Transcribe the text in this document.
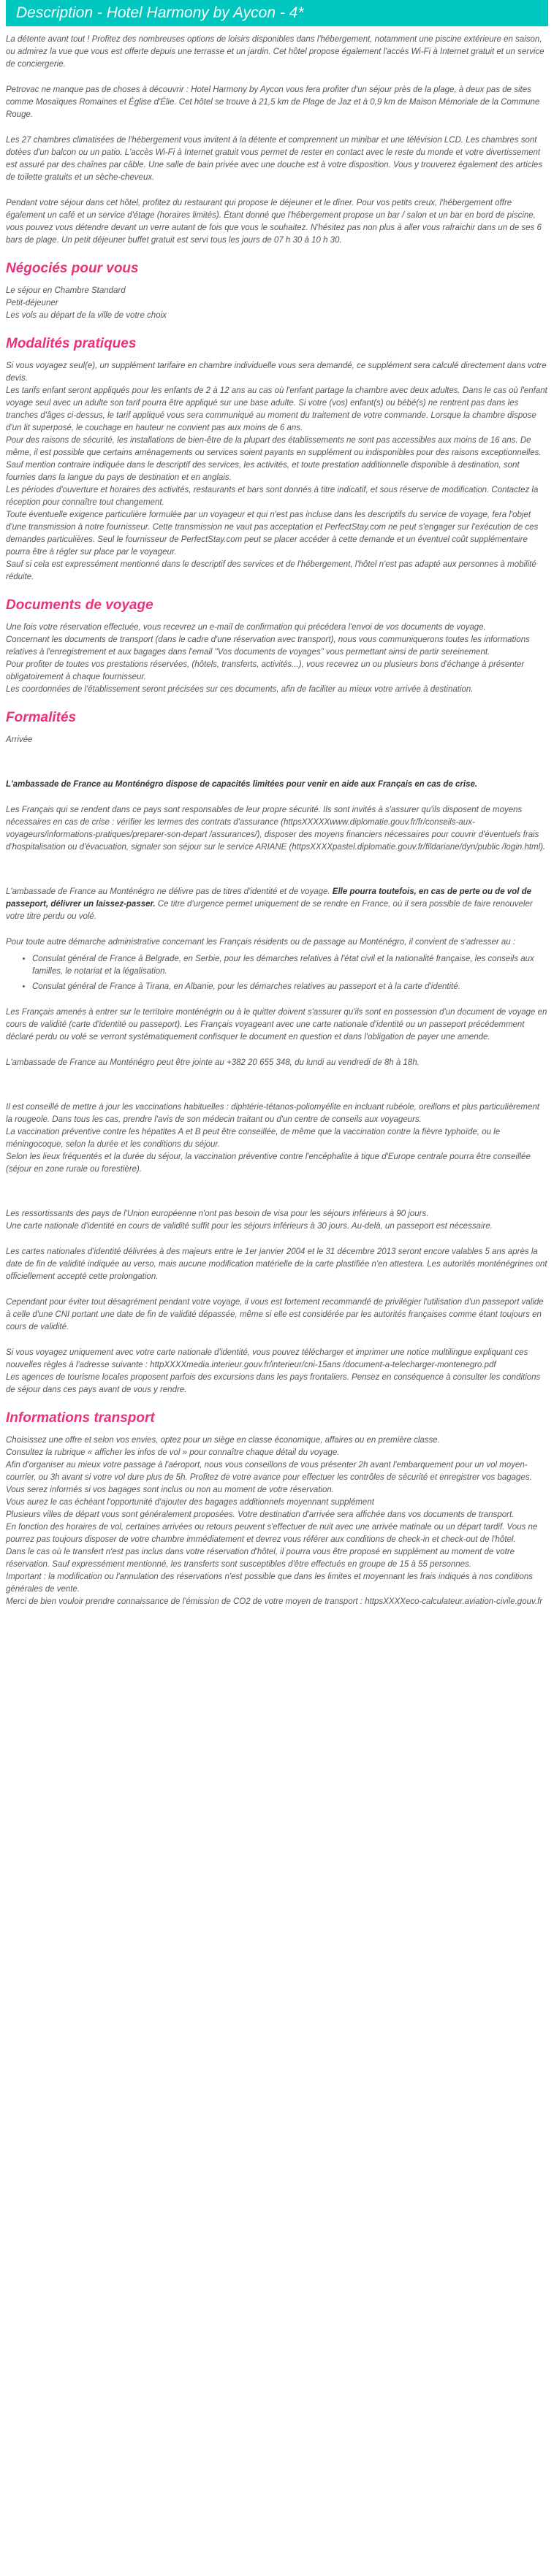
Description - Hotel Harmony by Aycon - 4*

La détente avant tout ! Profitez des nombreuses options de loisirs disponibles dans l'hébergement, notamment une piscine extérieure en saison, ou admirez la vue que vous est offerte depuis une terrasse et un jardin. Cet hôtel propose également l'accès Wi-Fi à Internet gratuit et un service de conciergerie.

Petrovac ne manque pas de choses à découvrir : Hotel Harmony by Aycon vous fera profiter d'un séjour près de la plage, à deux pas de sites comme Mosaïques Romaines et Église d'Élie. Cet hôtel se trouve à 21,5 km de Plage de Jaz et à 0,9 km de Maison Mémoriale de la Commune Rouge.

Les 27 chambres climatisées de l'hébergement vous invitent à la détente et comprennent un minibar et une télévision LCD. Les chambres sont dotées d'un balcon ou un patio. L'accès Wi-Fi à Internet gratuit vous permet de rester en contact avec le reste du monde et votre divertissement est assuré par des chaînes par câble. Une salle de bain privée avec une douche est à votre disposition. Vous y trouverez également des articles de toilette gratuits et un sèche-cheveux.

Pendant votre séjour dans cet hôtel, profitez du restaurant qui propose le déjeuner et le dîner. Pour vos petits creux, l'hébergement offre également un café et un service d'étage (horaires limités). Étant donné que l'hébergement propose un bar / salon et un bar en bord de piscine, vous pouvez vous détendre devant un verre autant de fois que vous le souhaitez. N'hésitez pas non plus à aller vous rafraichir dans un de ses 6 bars de plage. Un petit déjeuner buffet gratuit est servi tous les jours de 07 h 30 à 10 h 30.

Négociés pour vous

Le séjour en Chambre Standard

Petit-déjeuner

Les vols au départ de la ville de votre choix

Modalités pratiques

Si vous voyagez seul(e), un supplément tarifaire en chambre individuelle vous sera demandé, ce supplément sera calculé directement dans votre devis.

Les tarifs enfant seront appliqués pour les enfants de 2 à 12 ans au cas où l'enfant partage la chambre avec deux adultes. Dans le cas où l'enfant voyage seul avec un adulte son tarif pourra être appliqué sur une base adulte. Si votre (vos) enfant(s) ou bébé(s) ne rentrent pas dans les tranches d'âges ci-dessus, le tarif appliqué vous sera communiqué au moment du traitement de votre commande. Lorsque la chambre dispose d'un lit superposé, le couchage en hauteur ne convient pas aux moins de 6 ans.

Pour des raisons de sécurité, les installations de bien-être de la plupart des établissements ne sont pas accessibles aux moins de 16 ans. De même, il est possible que certains aménagements ou services soient payants en supplément ou indisponibles pour des raisons exceptionnelles.

Sauf mention contraire indiquée dans le descriptif des services, les activités, et toute prestation additionnelle disponible à destination, sont fournies dans la langue du pays de destination et en anglais.

Les périodes d'ouverture et horaires des activités, restaurants et bars sont donnés à titre indicatif, et sous réserve de modification. Contactez la réception pour connaître tout changement.

Toute éventuelle exigence particulière formulée par un voyageur et qui n'est pas incluse dans les descriptifs du service de voyage, fera l'objet d'une transmission à notre fournisseur. Cette transmission ne vaut pas acceptation et PerfectStay.com ne peut s'engager sur l'exécution de ces demandes particulières. Seul le fournisseur de PerfectStay.com peut se placer accéder à cette demande et un éventuel coût supplémentaire pourra être à régler sur place par le voyageur.

Sauf si cela est expressément mentionné dans le descriptif des services et de l'hébergement, l'hôtel n'est pas adapté aux personnes à mobilité réduite.

Documents de voyage

Une fois votre réservation effectuée, vous recevrez un e-mail de confirmation qui précédera l'envoi de vos documents de voyage.

Concernant les documents de transport (dans le cadre d'une réservation avec transport), nous vous communiquerons toutes les informations relatives à l'enregistrement et aux bagages dans l'email "Vos documents de voyages" vous permettant ainsi de partir sereinement.

Pour profiter de toutes vos prestations réservées, (hôtels, transferts, activités...), vous recevrez un ou plusieurs bons d'échange à présenter obligatoirement à chaque fournisseur.

Les coordonnées de l'établissement seront précisées sur ces documents, afin de faciliter au mieux votre arrivée à destination.

Formalités

Arrivée

L'ambassade de France au Monténégro dispose de capacités limitées pour venir en aide aux Français en cas de crise.

Les Français qui se rendent dans ce pays sont responsables de leur propre sécurité. Ils sont invités à s'assurer qu'ils disposent de moyens nécessaires en cas de crise : vérifier les termes des contrats d'assurance (httpsXXXXXwww.diplomatie.gouv.fr/fr/conseils-aux-voyageurs/informations-pratiques/preparer-son-depart /assurances/), disposer des moyens financiers nécessaires pour couvrir d'éventuels frais d'hospitalisation ou d'évacuation, signaler son séjour sur le service ARIANE (httpsXXXXpastel.diplomatie.gouv.fr/fildariane/dyn/public /login.html).

L'ambassade de France au Monténégro ne délivre pas de titres d'identité et de voyage. Elle pourra toutefois, en cas de perte ou de vol de passeport, délivrer un laissez-passer. Ce titre d'urgence permet uniquement de se rendre en France, où il sera possible de faire renouveler votre titre perdu ou volé.

Pour toute autre démarche administrative concernant les Français résidents ou de passage au Monténégro, il convient de s'adresser au :

• Consulat général de France à Belgrade, en Serbie, pour les démarches relatives à l'état civil et la nationalité française, les conseils aux familles, le notariat et la légalisation.
• Consulat général de France à Tirana, en Albanie, pour les démarches relatives au passeport et à la carte d'identité.

Les Français amenés à entrer sur le territoire monténégrin ou à le quitter doivent s'assurer qu'ils sont en possession d'un document de voyage en cours de validité (carte d'identité ou passeport). Les Français voyageant avec une carte nationale d'identité ou un passeport précédemment déclaré perdu ou volé se verront systématiquement confisquer le document en question et dans l'obligation de payer une amende.

L'ambassade de France au Monténégro peut être jointe au +382 20 655 348, du lundi au vendredi de 8h à 18h.

Il est conseillé de mettre à jour les vaccinations habituelles : diphtérie-tétanos-poliomyélite en incluant rubéole, oreillons et plus particulièrement la rougeole. Dans tous les cas, prendre l'avis de son médecin traitant ou d'un centre de conseils aux voyageurs.

La vaccination préventive contre les hépatites A et B peut être conseillée, de même que la vaccination contre la fièvre typhoïde, ou le méningocoque, selon la durée et les conditions du séjour.

Selon les lieux fréquentés et la durée du séjour, la vaccination préventive contre l'encéphalite à tique d'Europe centrale pourra être conseillée (séjour en zone rurale ou forestière).

Les ressortissants des pays de l'Union européenne n'ont pas besoin de visa pour les séjours inférieurs à 90 jours.

Une carte nationale d'identité en cours de validité suffit pour les séjours inférieurs à 30 jours. Au-delà, un passeport est nécessaire.

Les cartes nationales d'identité délivrées à des majeurs entre le 1er janvier 2004 et le 31 décembre 2013 seront encore valables 5 ans après la date de fin de validité indiquée au verso, mais aucune modification matérielle de la carte plastifiée n'en attestera. Les autorités monténégrines ont officiellement accepté cette prolongation.

Cependant pour éviter tout désagrément pendant votre voyage, il vous est fortement recommandé de privilégier l'utilisation d'un passeport valide à celle d'une CNI portant une date de fin de validité dépassée, même si elle est considérée par les autorités françaises comme étant toujours en cours de validité.

Si vous voyagez uniquement avec votre carte nationale d'identité, vous pouvez télécharger et imprimer une notice multilingue expliquant ces nouvelles règles à l'adresse suivante : httpXXXXmedia.interieur.gouv.fr/interieur/cni-15ans /document-a-telecharger-montenegro.pdf

Les agences de tourisme locales proposent parfois des excursions dans les pays frontaliers. Pensez en conséquence à consulter les conditions de séjour dans ces pays avant de vous y rendre.

Informations transport

Choisissez une offre et selon vos envies, optez pour un siège en classe économique, affaires ou en première classe.

Consultez la rubrique « afficher les infos de vol » pour connaître chaque détail du voyage.

Afin d'organiser au mieux votre passage à l'aéroport, nous vous conseillons de vous présenter 2h avant l'embarquement pour un vol moyen-courrier, ou 3h avant si votre vol dure plus de 5h. Profitez de votre avance pour effectuer les contrôles de sécurité et enregistrer vos bagages.

Vous serez informés si vos bagages sont inclus ou non au moment de votre réservation.

Vous aurez le cas échéant l'opportunité d'ajouter des bagages additionnels moyennant supplément

Plusieurs villes de départ vous sont généralement proposées. Votre destination d'arrivée sera affichée dans vos documents de transport.

En fonction des horaires de vol, certaines arrivées ou retours peuvent s'effectuer de nuit avec une arrivée matinale ou un départ tardif. Vous ne pourrez pas toujours disposer de votre chambre immédiatement et devrez vous référer aux conditions de check-in et check-out de l'hôtel.

Dans le cas où le transfert n'est pas inclus dans votre réservation d'hôtel, il pourra vous être proposé en supplément au moment de votre réservation. Sauf expressément mentionné, les transferts sont susceptibles d'être effectués en groupe de 15 à 55 personnes.

Important : la modification ou l'annulation des réservations n'est possible que dans les limites et moyennant les frais indiqués à nos conditions générales de vente.

Merci de bien vouloir prendre connaissance de l'émission de CO2 de votre moyen de transport : httpsXXXXeco-calculateur.aviation-civile.gouv.fr
